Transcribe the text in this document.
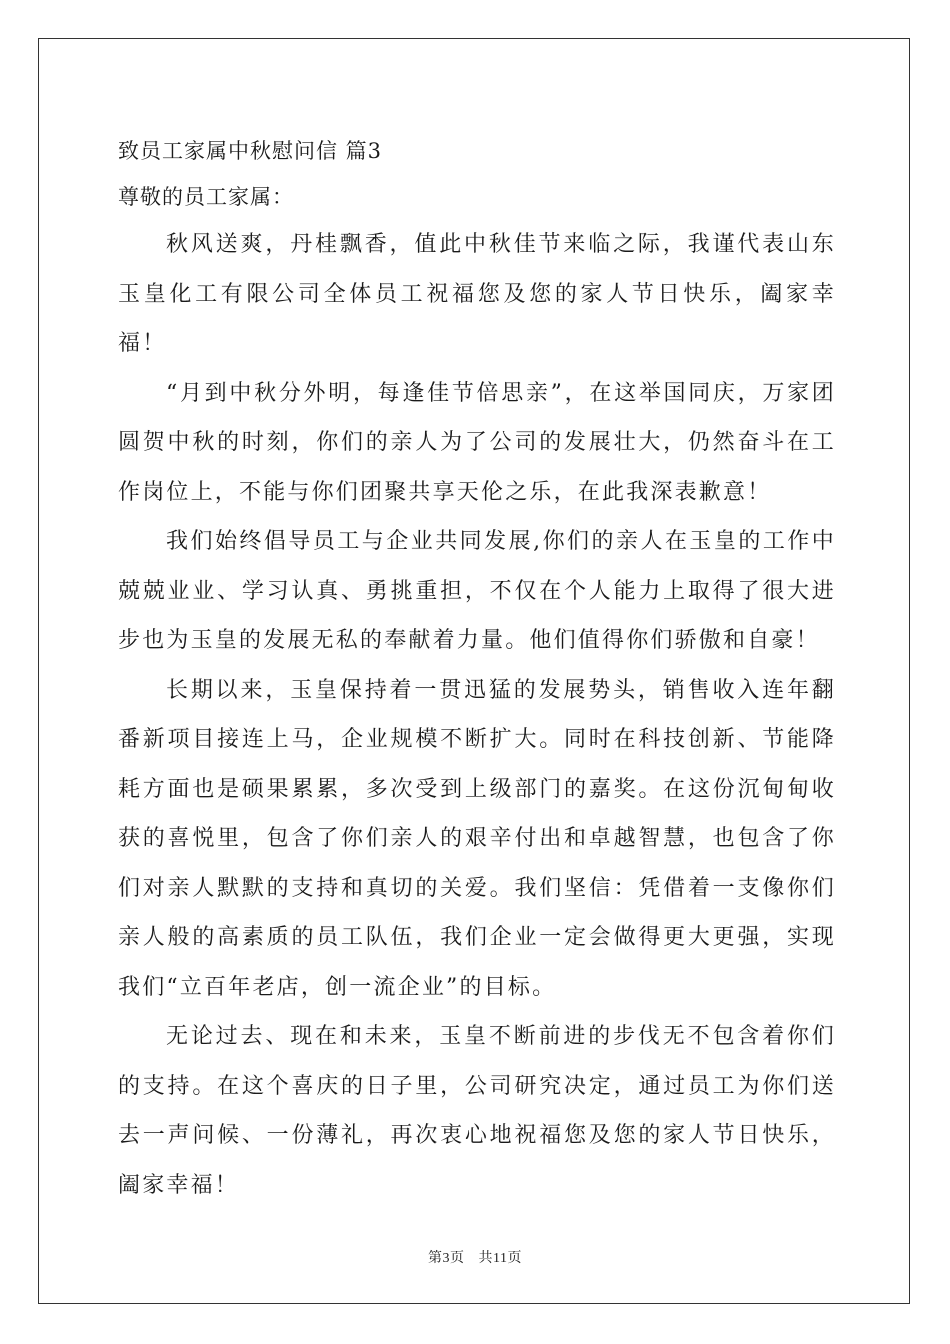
致员工家属中秋慰问信 篇3
尊敬的员工家属：

秋风送爽，丹桂飘香，值此中秋佳节来临之际，我谨代表山东玉皇化工有限公司全体员工祝福您及您的家人节日快乐，阖家幸福！

“月到中秋分外明，每逢佳节倍思亲”，在这举国同庆，万家团圆贺中秋的时刻，你们的亲人为了公司的发展壮大，仍然奋斗在工作岗位上，不能与你们团聚共享天伦之乐，在此我深表歉意！

我们始终倡导员工与企业共同发展,你们的亲人在玉皇的工作中兢兢业业、学习认真、勇挑重担，不仅在个人能力上取得了很大进步也为玉皇的发展无私的奉献着力量。他们值得你们骄傲和自豪！

长期以来，玉皇保持着一贯迅猛的发展势头，销售收入连年翻番新项目接连上马，企业规模不断扩大。同时在科技创新、节能降耗方面也是硕果累累，多次受到上级部门的嘉奖。在这份沉甸甸收获的喜悦里，包含了你们亲人的艰辛付出和卓越智慧，也包含了你们对亲人默默的支持和真切的关爱。我们坚信：凭借着一支像你们亲人般的高素质的员工队伍，我们企业一定会做得更大更强，实现我们“立百年老店，创一流企业”的目标。

无论过去、现在和未来，玉皇不断前进的步伐无不包含着你们的支持。在这个喜庆的日子里，公司研究决定，通过员工为你们送去一声问候、一份薄礼，再次衷心地祝福您及您的家人节日快乐，阖家幸福！

第3页 共11页
